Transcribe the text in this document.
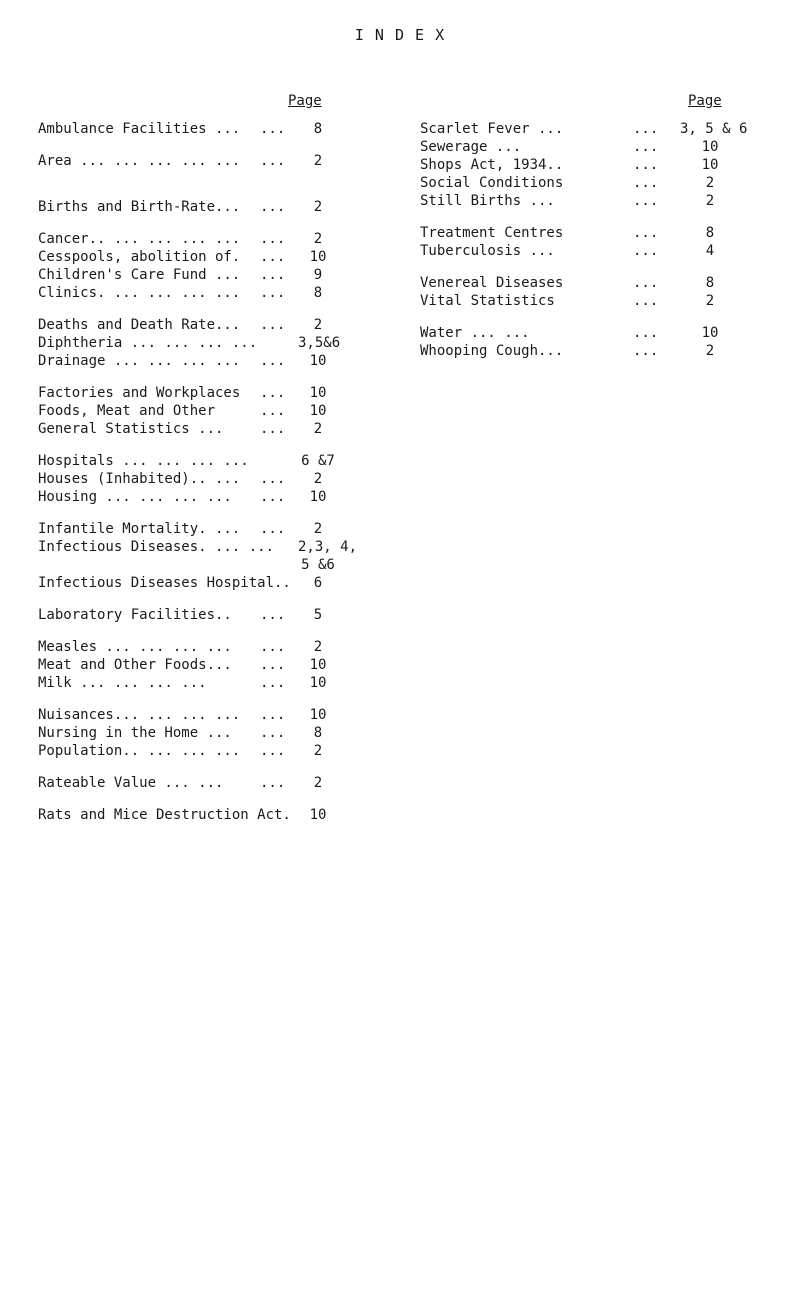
I N D E X
Page	Page
Ambulance Facilities ... ...	8
Area ... ... ... ... ... ...	2
Births and Birth-Rate... ...	2
Cancer.. ... ... ... ... ...	2
Cesspools, abolition of. ...	10
Children's Care Fund ... ...	9
Clinics. ... ... ... ... ...	8
Deaths and Death Rate... ...	2
Diphtheria ... ... ... ...	3,5&6
Drainage ... ... ... ... ...	10
Factories and Workplaces ...	10
Foods, Meat and Other	...	10
General Statistics ...	...	2
Hospitals ... ... ... ...	6 &7
Houses (Inhabited).. ... ...	2
Housing ... ... ... ... ...	10
Infantile Mortality. ... ...	2
Infectious Diseases. ... ... 2,3, 4,
5 &6
Infectious Diseases Hospital..	6
Laboratory Facilities.. ...	5
Measles ... ... ... ... ...	2
Meat and Other Foods... ...	10
Milk ... ... ... ...	...	10
Nuisances... ... ... ... ...	10
Nursing in the Home ... ...	8
Population.. ... ... ... ...	2
Rateable Value ... ...	...	2
Rats and Mice Destruction Act.	10
Scarlet Fever ...	... 3, 5 & 6
Sewerage ...	...	10
Shops Act, 1934..	...	10
Social Conditions	...	2
Still Births ...	...	2
Treatment Centres	...	8
Tuberculosis ...	...	4
Venereal Diseases	...	8
Vital Statistics	...	2
Water ... ...	...	10
Whooping Cough...	...	2
